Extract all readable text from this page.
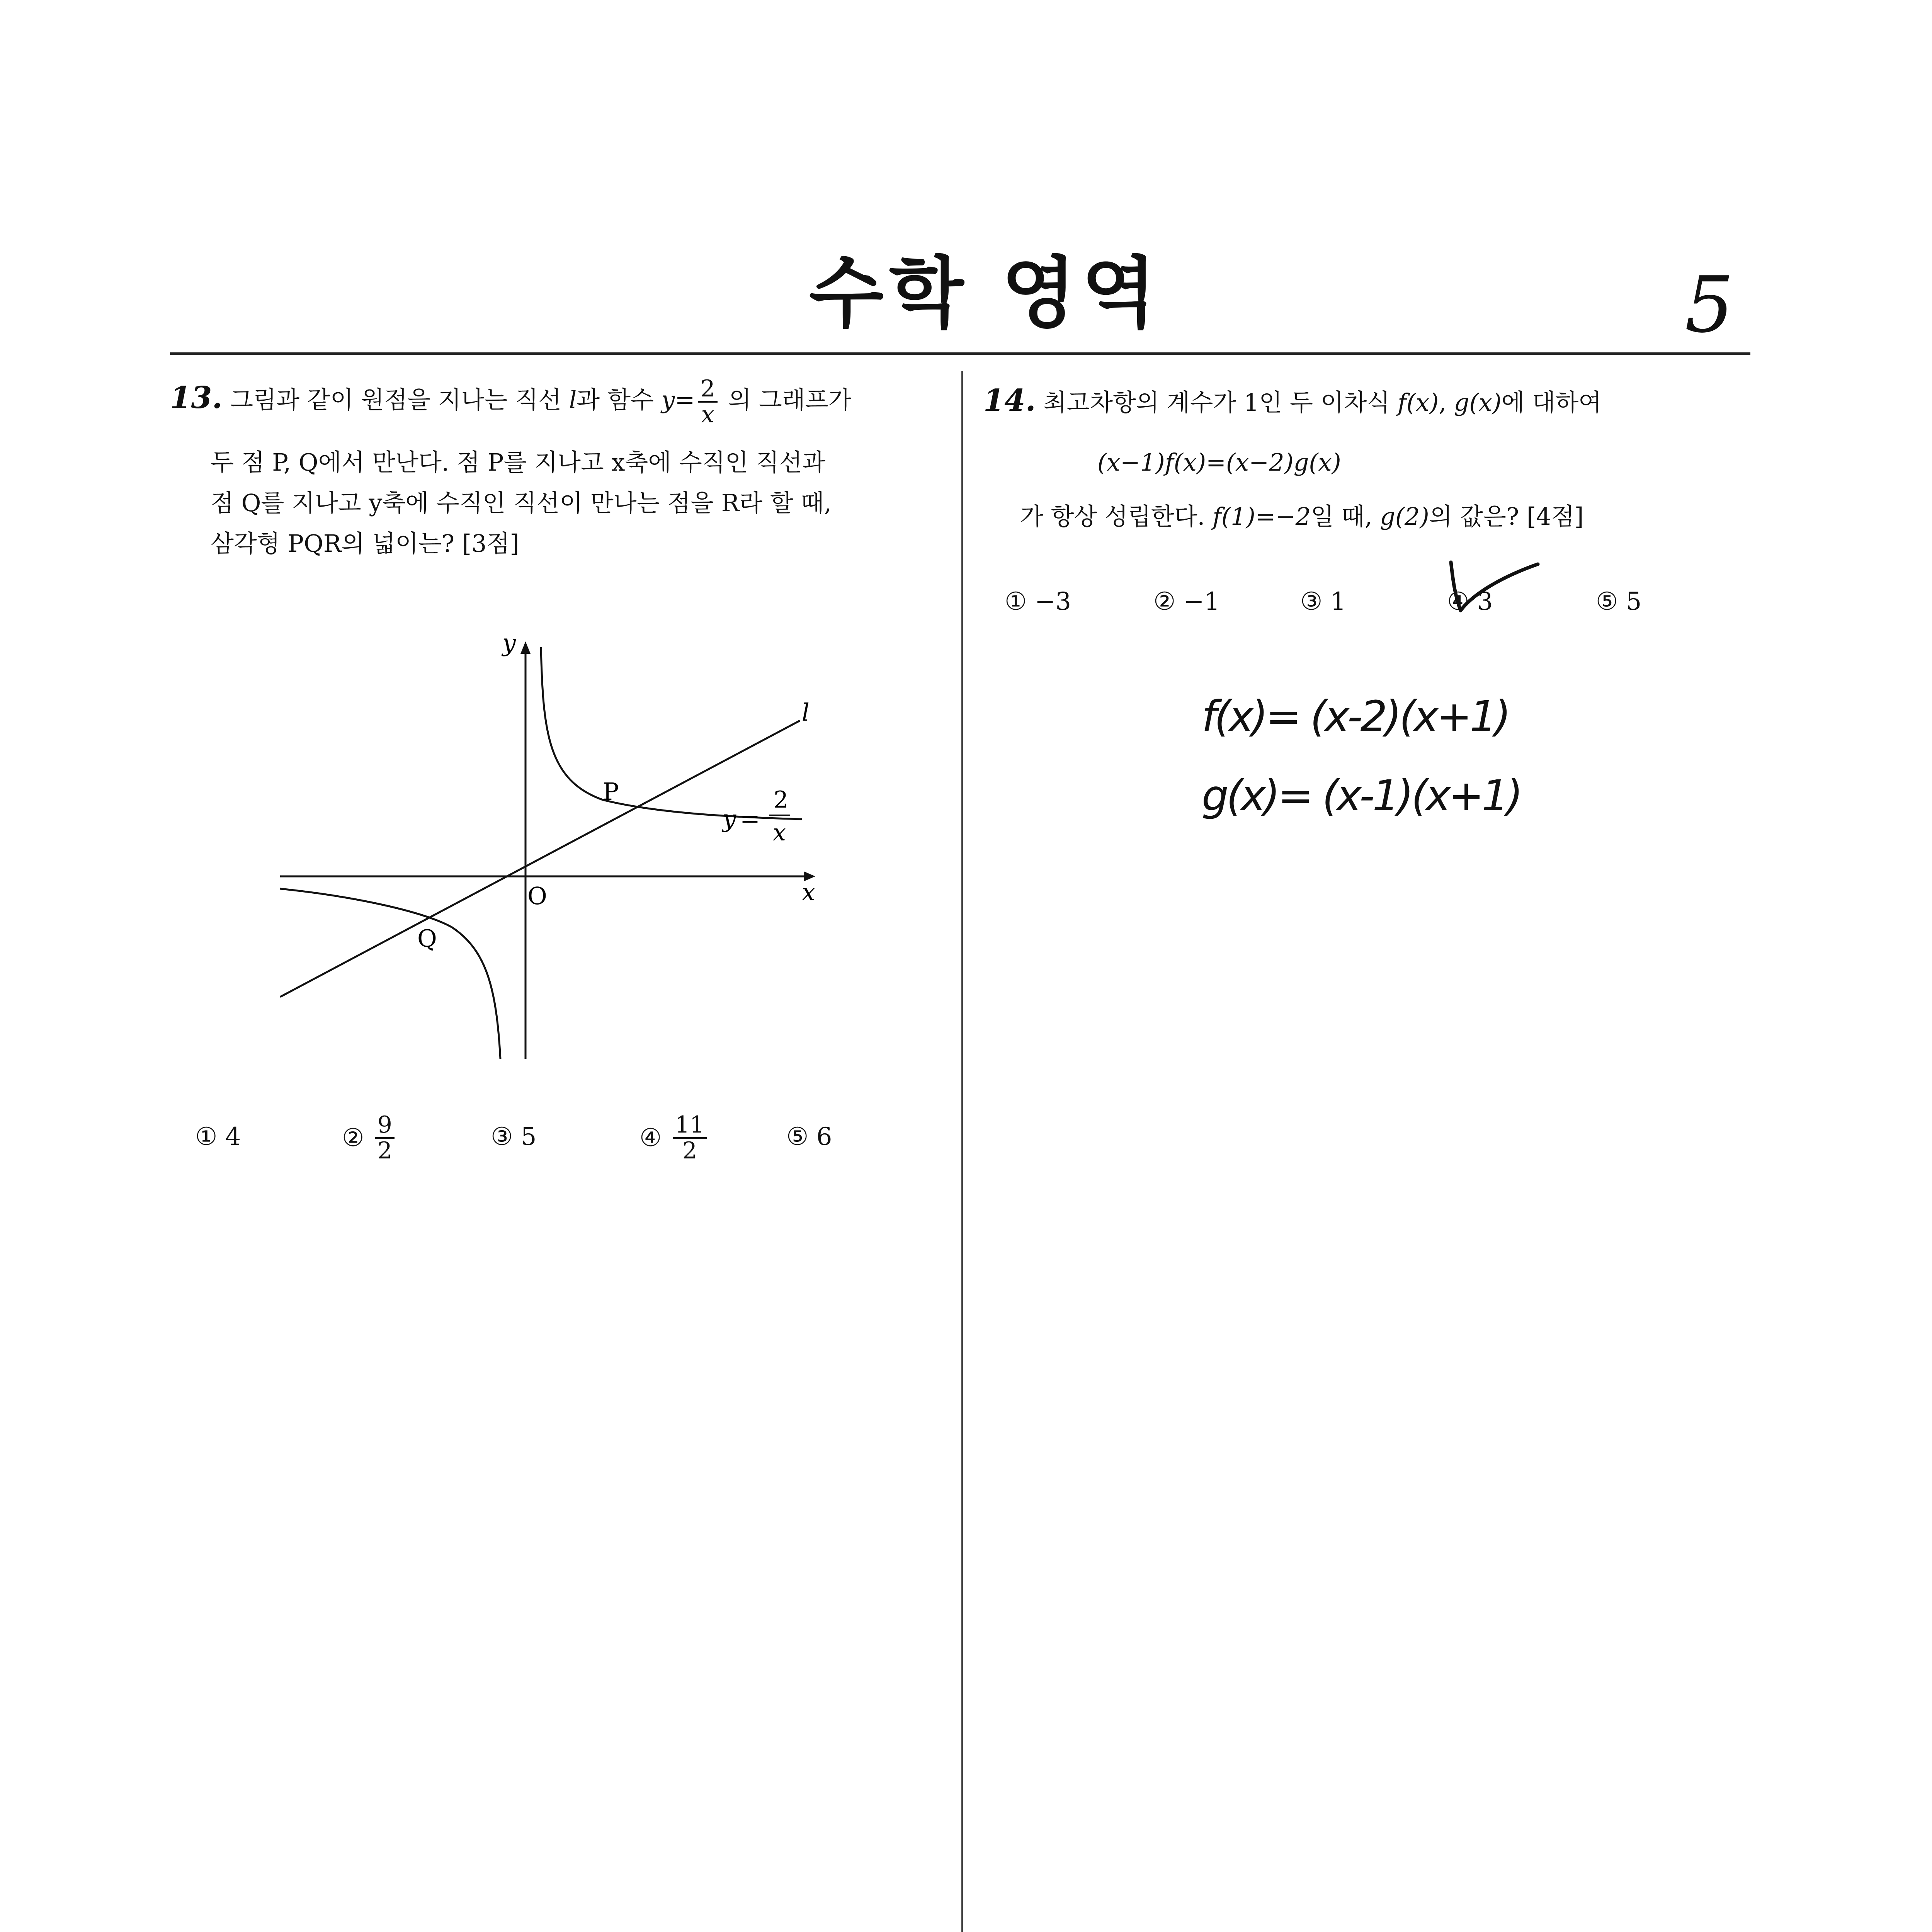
수학 영역	5
13. 그림과 같이 원점을 지나는 직선 l과 함수 $y= \frac{2}{x}$ 의 그래프가
두 점 P, Q에서 만난다. 점 P를 지나고 x축에 수직인 직선과
점 Q를 지나고 y축에 수직인 직선이 만나는 점을 R라 할 때,
삼각형 PQR의 넓이는? [3점]
y
x
O
l
P
Q
y =
2
x
① 4	② $\frac{9}{2}$	③ 5	④ $\frac{11}{2}$	⑤ 6
14. 최고차항의 계수가 1인 두 이차식 f(x), g(x)에 대하여
(x−1)f(x)=(x−2)g(x)
가 항상 성립한다. f(1)=−2일 때, g(2)의 값은? [4점]
① −3	② −1	③ 1	④ 3	⑤ 5
f(x)= (x-2)(x+1)
g(x)= (x-1)(x+1)
